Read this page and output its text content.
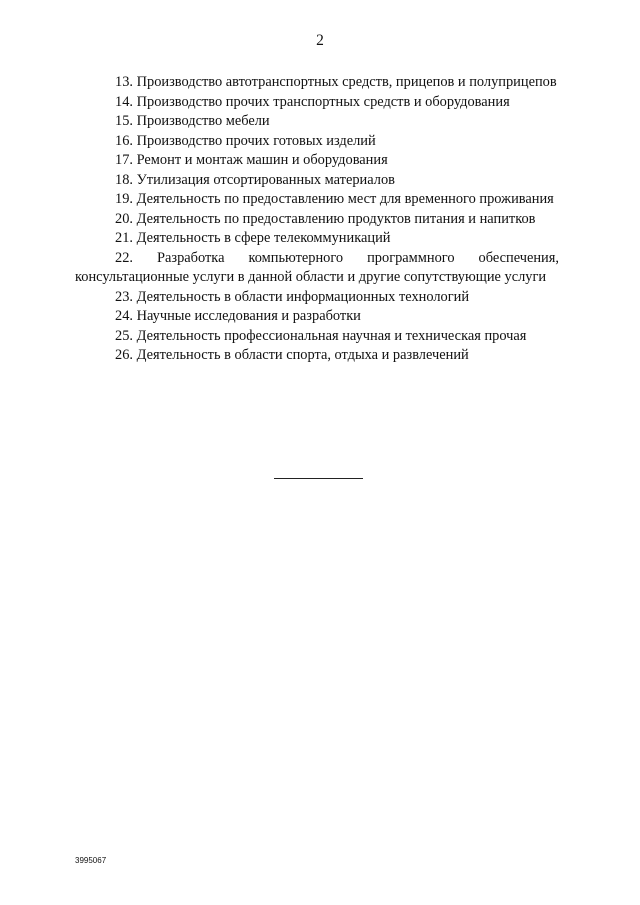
2

13. Производство автотранспортных средств, прицепов и полуприцепов

14. Производство прочих транспортных средств и оборудования

15. Производство мебели

16. Производство прочих готовых изделий

17. Ремонт и монтаж машин и оборудования

18. Утилизация отсортированных материалов

19. Деятельность по предоставлению мест для временного проживания

20. Деятельность по предоставлению продуктов питания и напитков

21. Деятельность в сфере телекоммуникаций

22. Разработка компьютерного программного обеспечения, консультационные услуги в данной области и другие сопутствующие услуги

23. Деятельность в области информационных технологий

24. Научные исследования и разработки

25. Деятельность профессиональная научная и техническая прочая

26. Деятельность в области спорта, отдыха и развлечений

3995067
